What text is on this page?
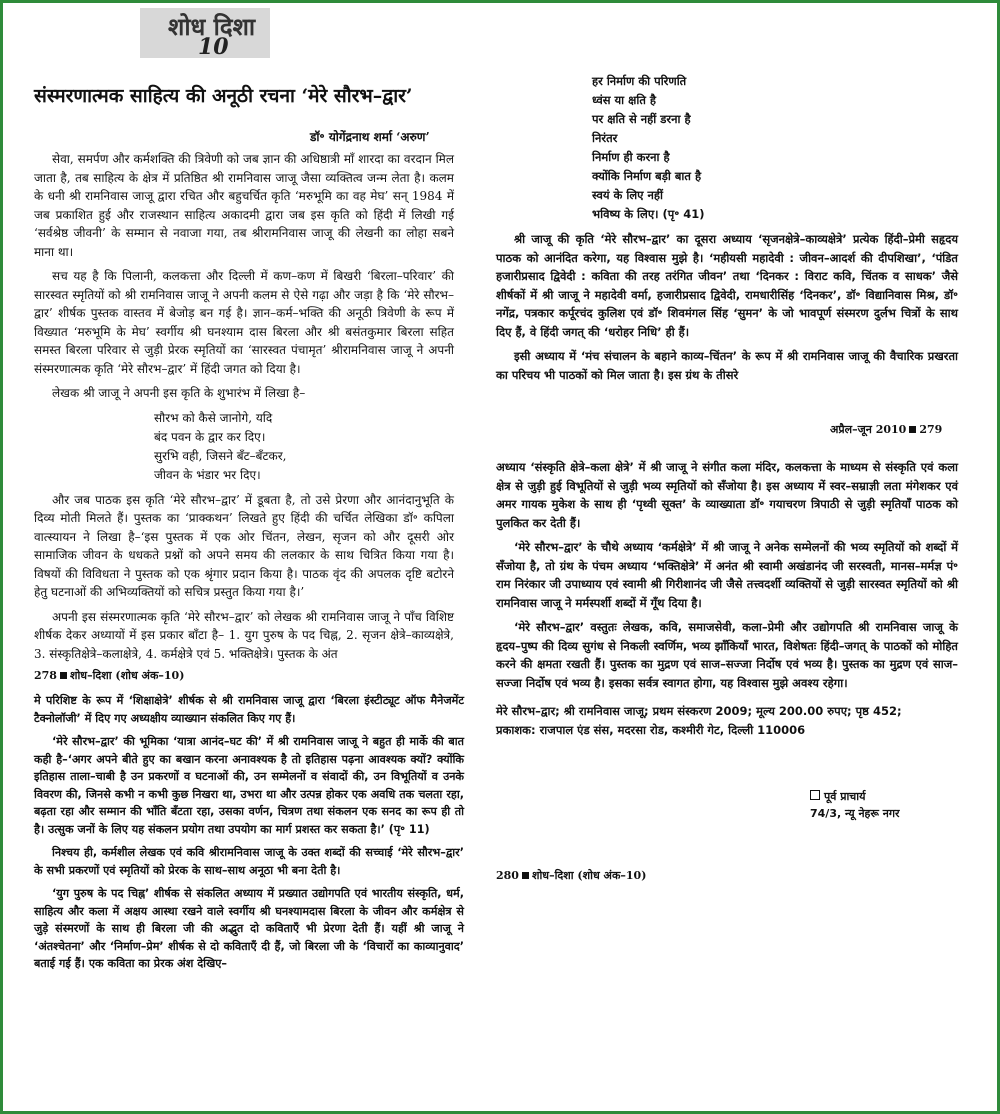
शोध दिशा
10
संस्मरणात्मक साहित्य की अनूठी रचना ‘मेरे सौरभ–द्वार’
डॉ॰ योगेंद्रनाथ शर्मा ‘अरुण’

सेवा, समर्पण और कर्मशक्ति की त्रिवेणी को जब ज्ञान की अधिष्ठात्री माँ शारदा का वरदान मिल जाता है, तब साहित्य के क्षेत्र में प्रतिष्ठित श्री रामनिवास जाजू जैसा व्यक्तित्व जन्म लेता है। कलम के धनी श्री रामनिवास जाजू द्वारा रचित और बहुचर्चित कृति ‘मरुभूमि का वह मेघ’ सन् 1984 में जब प्रकाशित हुई और राजस्थान साहित्य अकादमी द्वारा जब इस कृति को हिंदी में लिखी गई ‘सर्वश्रेष्ठ जीवनी’ के सम्मान से नवाजा गया, तब श्रीरामनिवास जाजू की लेखनी का लोहा सबने माना था।

सच यह है कि पिलानी, कलकत्ता और दिल्ली में कण–कण में बिखरी ‘बिरला–परिवार’ की सारस्वत स्मृतियों को श्री रामनिवास जाजू ने अपनी कलम से ऐसे गढ़ा और जड़ा है कि ‘मेरे सौरभ–द्वार’ शीर्षक पुस्तक वास्तव में बेजोड़ बन गई है। ज्ञान–कर्म–भक्ति की अनूठी त्रिवेणी के रूप में विख्यात ‘मरुभूमि के मेघ’ स्वर्गीय श्री घनश्याम दास बिरला और श्री बसंतकुमार बिरला सहित समस्त बिरला परिवार से जुड़ी प्रेरक स्मृतियों का ‘सारस्वत पंचामृत’ श्रीरामनिवास जाजू ने अपनी संस्मरणात्मक कृति ‘मेरे सौरभ–द्वार’ में हिंदी जगत को दिया है।

लेखक श्री जाजू ने अपनी इस कृति के शुभारंभ में लिखा है–

सौरभ को कैसे जानोगे, यदि
बंद पवन के द्वार कर दिए।
सुरभि वही, जिसने बँट–बँटकर,
जीवन के भंडार भर दिए।

और जब पाठक इस कृति ‘मेरे सौरभ–द्वार’ में डूबता है, तो उसे प्रेरणा और आनंदानुभूति के दिव्य मोती मिलते हैं। पुस्तक का ‘प्राक्कथन’ लिखते हुए हिंदी की चर्चित लेखिका डॉ॰ कपिला वात्स्यायन ने लिखा है–‘इस पुस्तक में एक ओर चिंतन, लेखन, सृजन को और दूसरी ओर सामाजिक जीवन के धधकते प्रश्नों को अपने समय की ललकार के साथ चित्रित किया गया है। विषयों की विविधता ने पुस्तक को एक श्रृंगार प्रदान किया है। पाठक वृंद की अपलक दृष्टि बटोरने हेतु घटनाओं की अभिव्यक्तियों को सचित्र प्रस्तुत किया गया है।’

अपनी इस संस्मरणात्मक कृति ‘मेरे सौरभ–द्वार’ को लेखक श्री रामनिवास जाजू ने पाँच विशिष्ट शीर्षक देकर अध्यायों में इस प्रकार बाँटा है– 1. युग पुरुष के पद चिह्न, 2. सृजन क्षेत्रे–काव्यक्षेत्रे, 3. संस्कृतिक्षेत्रे–कलाक्षेत्रे, 4. कर्मक्षेत्रे एवं 5. भक्तिक्षेत्रे। पुस्तक के अंत

278 शोध–दिशा (शोध अंक–10)
हर निर्माण की परिणति
ध्वंस या क्षति है
पर क्षति से नहीं डरना है
निरंतर
निर्माण ही करना है
क्योंकि निर्माण बड़ी बात है
स्वयं के लिए नहीं
भविष्य के लिए। (पृ॰ 41)

श्री जाजू की कृति ‘मेरे सौरभ–द्वार’ का दूसरा अध्याय ‘सृजनक्षेत्रे–काव्यक्षेत्रे’ प्रत्येक हिंदी–प्रेमी सहृदय पाठक को आनंदित करेगा, यह विश्वास मुझे है। ‘महीयसी महादेवी : जीवन–आदर्श की दीपशिखा’, ‘पंडित हजारीप्रसाद द्विवेदी : कविता की तरह तरंगित जीवन’ तथा ‘दिनकर : विराट कवि, चिंतक व साधक’ जैसे शीर्षकों में श्री जाजू ने महादेवी वर्मा, हजारीप्रसाद द्विवेदी, रामधारीसिंह ‘दिनकर’, डॉ॰ विद्यानिवास मिश्र, डॉ॰ नगेंद्र, पत्रकार कर्पूरचंद कुलिश एवं डॉ॰ शिवमंगल सिंह ‘सुमन’ के जो भावपूर्ण संस्मरण दुर्लभ चित्रों के साथ दिए हैं, वे हिंदी जगत् की ‘धरोहर निधि’ ही हैं।

इसी अध्याय में ‘मंच संचालन के बहाने काव्य–चिंतन’ के रूप में श्री रामनिवास जाजू की वैचारिक प्रखरता का परिचय भी पाठकों को मिल जाता है। इस ग्रंथ के तीसरे

अप्रैल–जून 2010 279

मे परिशिष्ट के रूप में ‘शिक्षाक्षेत्रे’ शीर्षक से श्री रामनिवास जाजू द्वारा ‘बिरला इंस्टीट्यूट ऑफ मैनेजमेंट टैक्नोलॉजी’ में दिए गए अध्यक्षीय व्याख्यान संकलित किए गए हैं।

‘मेरे सौरभ–द्वार’ की भूमिका ‘यात्रा आनंद–घट की’ में श्री रामनिवास जाजू ने बहुत ही मार्के की बात कही है–‘अगर अपने बीते हुए का बखान करना अनावश्यक है तो इतिहास पढ़ना आवश्यक क्यों? क्योंकि इतिहास ताला–चाबी है उन प्रकरणों व घटनाओं की, उन सम्मेलनों व संवादों की, उन विभूतियों व उनके विवरण की, जिनसे कभी न कभी कुछ निखरा था, उभरा था और उत्पन्न होकर एक अवधि तक चलता रहा, बढ़ता रहा और सम्मान की भाँति बँटता रहा, उसका वर्णन, चित्रण तथा संकलन एक सनद का रूप ही तो है। उत्सुक जनों के लिए यह संकलन प्रयोग तथा उपयोग का मार्ग प्रशस्त कर सकता है।’ (पृ॰ 11)

निश्चय ही, कर्मशील लेखक एवं कवि श्रीरामनिवास जाजू के उक्त शब्दों की सच्चाई ‘मेरे सौरभ–द्वार’ के सभी प्रकरणों एवं स्मृतियों को प्रेरक के साथ–साथ अनूठा भी बना देती है।

‘युग पुरुष के पद चिह्न’ शीर्षक से संकलित अध्याय में प्रख्यात उद्योगपति एवं भारतीय संस्कृति, धर्म, साहित्य और कला में अक्षय आस्था रखने वाले स्वर्गीय श्री घनश्यामदास बिरला के जीवन और कर्मक्षेत्र से जुड़े संस्मरणों के साथ ही बिरला जी की अद्भुत दो कविताएँ भी प्रेरणा देती हैं। यहीं श्री जाजू ने ‘अंतश्चेतना’ और ‘निर्माण–प्रेम’ शीर्षक से दो कविताएँ दी हैं, जो बिरला जी के ‘विचारों का काव्यानुवाद’ बताई गई हैं। एक कविता का प्रेरक अंश देखिए–

अध्याय ‘संस्कृति क्षेत्रे–कला क्षेत्रे’ में श्री जाजू ने संगीत कला मंदिर, कलकत्ता के माध्यम से संस्कृति एवं कला क्षेत्र से जुड़ी हुई विभूतियों से जुड़ी भव्य स्मृतियों को सँजोया है। इस अध्याय में स्वर–सम्राज्ञी लता मंगेशकर एवं अमर गायक मुकेश के साथ ही ‘पृथ्वी सूक्त’ के व्याख्याता डॉ॰ गयाचरण त्रिपाठी से जुड़ी स्मृतियाँ पाठक को पुलकित कर देती हैं।

‘मेरे सौरभ–द्वार’ के चौथे अध्याय ‘कर्मक्षेत्रे’ में श्री जाजू ने अनेक सम्मेलनों की भव्य स्मृतियों को शब्दों में सँजोया है, तो ग्रंथ के पंचम अध्याय ‘भक्तिक्षेत्रे’ में अनंत श्री स्वामी अखंडानंद जी सरस्वती, मानस–मर्मज्ञ पं॰ राम निरंकार जी उपाध्याय एवं स्वामी श्री गिरीशानंद जी जैसे तत्त्वदर्शी व्यक्तियों से जुड़ी सारस्वत स्मृतियों को श्री रामनिवास जाजू ने मर्मस्पर्शी शब्दों में गूँथ दिया है।

‘मेरे सौरभ–द्वार’ वस्तुतः लेखक, कवि, समाजसेवी, कला–प्रेमी और उद्योगपति श्री रामनिवास जाजू के हृदय–पुष्प की दिव्य सुगंध से निकली स्वर्णिम, भव्य झाँकियाँ भारत, विशेषतः हिंदी–जगत् के पाठकों को मोहित करने की क्षमता रखती हैं। पुस्तक का मुद्रण एवं साज–सज्जा निर्दोष एवं भव्य है। पुस्तक का मुद्रण एवं साज–सज्जा निर्दोष एवं भव्य है। इसका सर्वत्र स्वागत होगा, यह विश्वास मुझे अवश्य रहेगा।

मेरे सौरभ–द्वार; श्री रामनिवास जाजू; प्रथम संस्करण 2009; मूल्य 200.00 रुपए; पृष्ठ 452;

प्रकाशक: राजपाल एंड संस, मदरसा रोड, कश्मीरी गेट, दिल्ली 110006

पूर्व प्राचार्य
74/3, न्यू नेहरू नगर
280 शोध–दिशा (शोध अंक–10)
